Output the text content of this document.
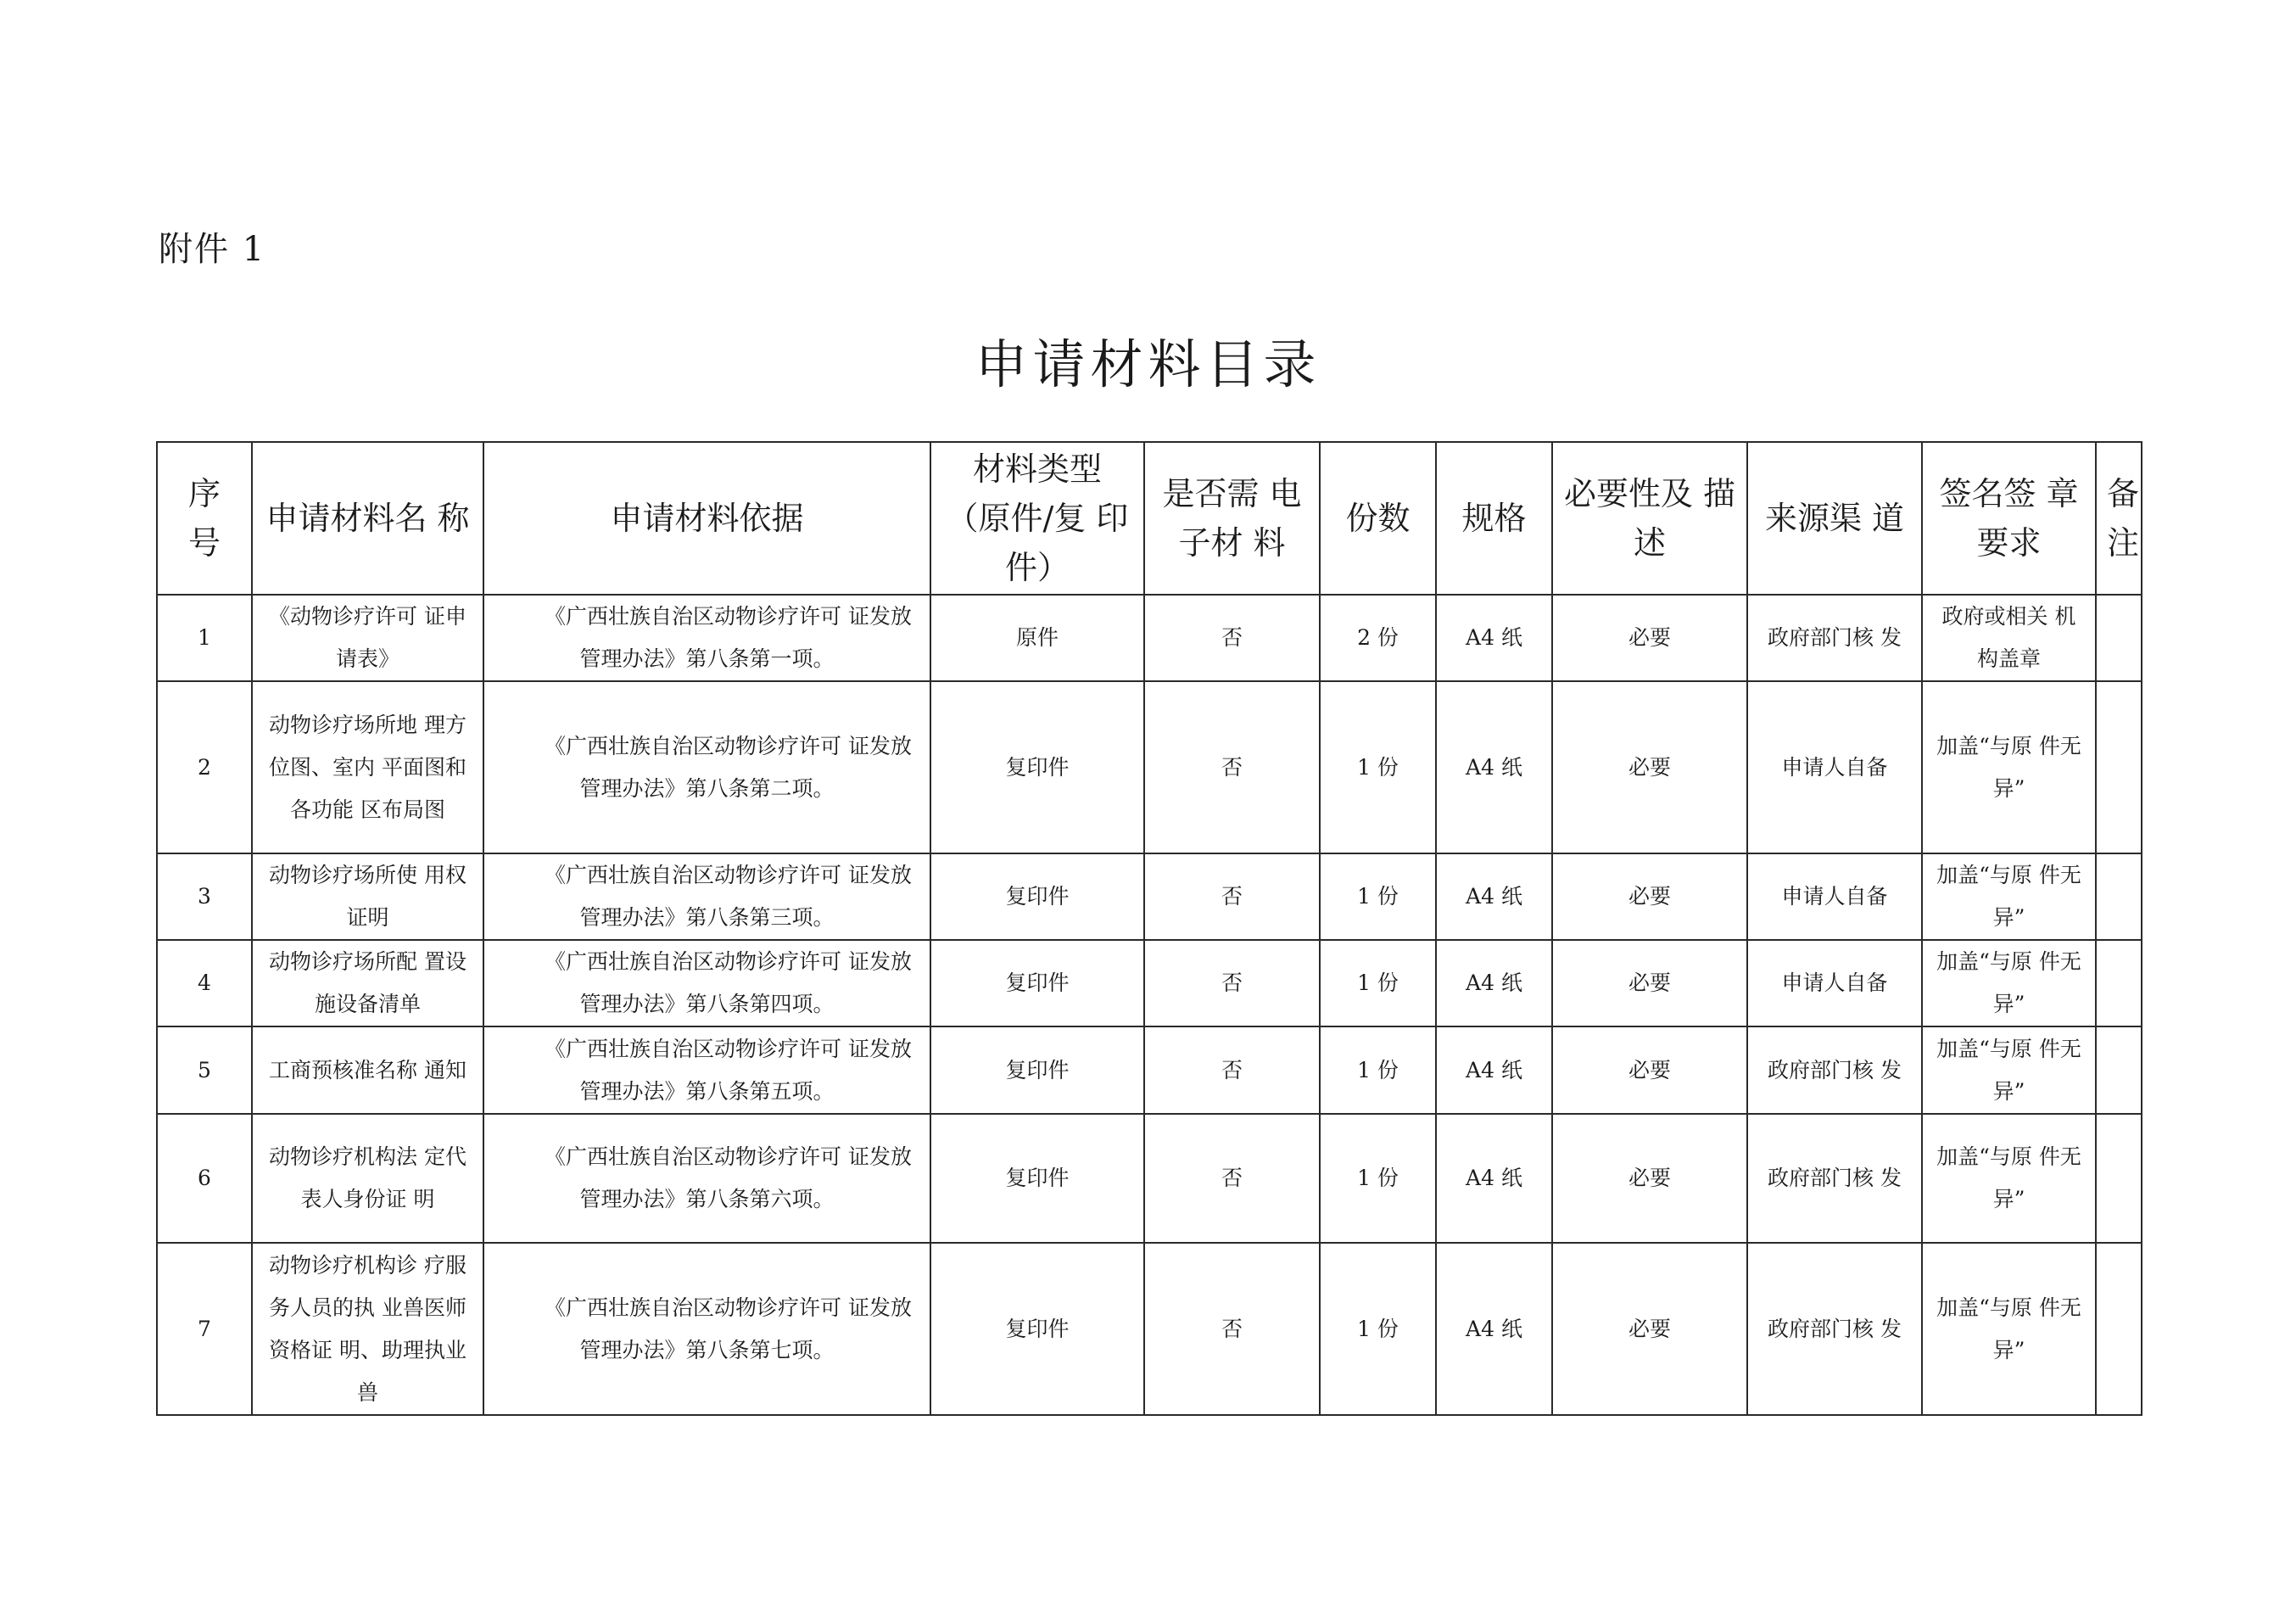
附件 1
申请材料目录
序 号	申请材料名 称	申请材料依据	材料类型 （原件/复 印件）	是否需 电 子材 料	份数	规格	必要性及 描述	来源渠 道	签名签 章 要求	备 注
1	《动物诊疗许可 证申请表》	《广西壮族自治区动物诊疗许可 证发放管理办法》第八条第一项。	原件	否	2 份	A4 纸	必要	政府部门核 发	政府或相关 机构盖章	
2	动物诊疗场所地 理方位图、室内 平面图和各功能 区布局图	《广西壮族自治区动物诊疗许可 证发放管理办法》第八条第二项。	复印件	否	1 份	A4 纸	必要	申请人自备	加盖“与原 件无异”	
3	动物诊疗场所使 用权证明	《广西壮族自治区动物诊疗许可 证发放管理办法》第八条第三项。	复印件	否	1 份	A4 纸	必要	申请人自备	加盖“与原 件无异”	
4	动物诊疗场所配 置设施设备清单	《广西壮族自治区动物诊疗许可 证发放管理办法》第八条第四项。	复印件	否	1 份	A4 纸	必要	申请人自备	加盖“与原 件无异”	
5	工商预核准名称 通知	《广西壮族自治区动物诊疗许可 证发放管理办法》第八条第五项。	复印件	否	1 份	A4 纸	必要	政府部门核 发	加盖“与原 件无异”	
6	动物诊疗机构法 定代表人身份证 明	《广西壮族自治区动物诊疗许可 证发放管理办法》第八条第六项。	复印件	否	1 份	A4 纸	必要	政府部门核 发	加盖“与原 件无异”	
7	动物诊疗机构诊 疗服务人员的执 业兽医师资格证 明、助理执业兽	《广西壮族自治区动物诊疗许可 证发放管理办法》第八条第七项。	复印件	否	1 份	A4 纸	必要	政府部门核 发	加盖“与原 件无异”	
